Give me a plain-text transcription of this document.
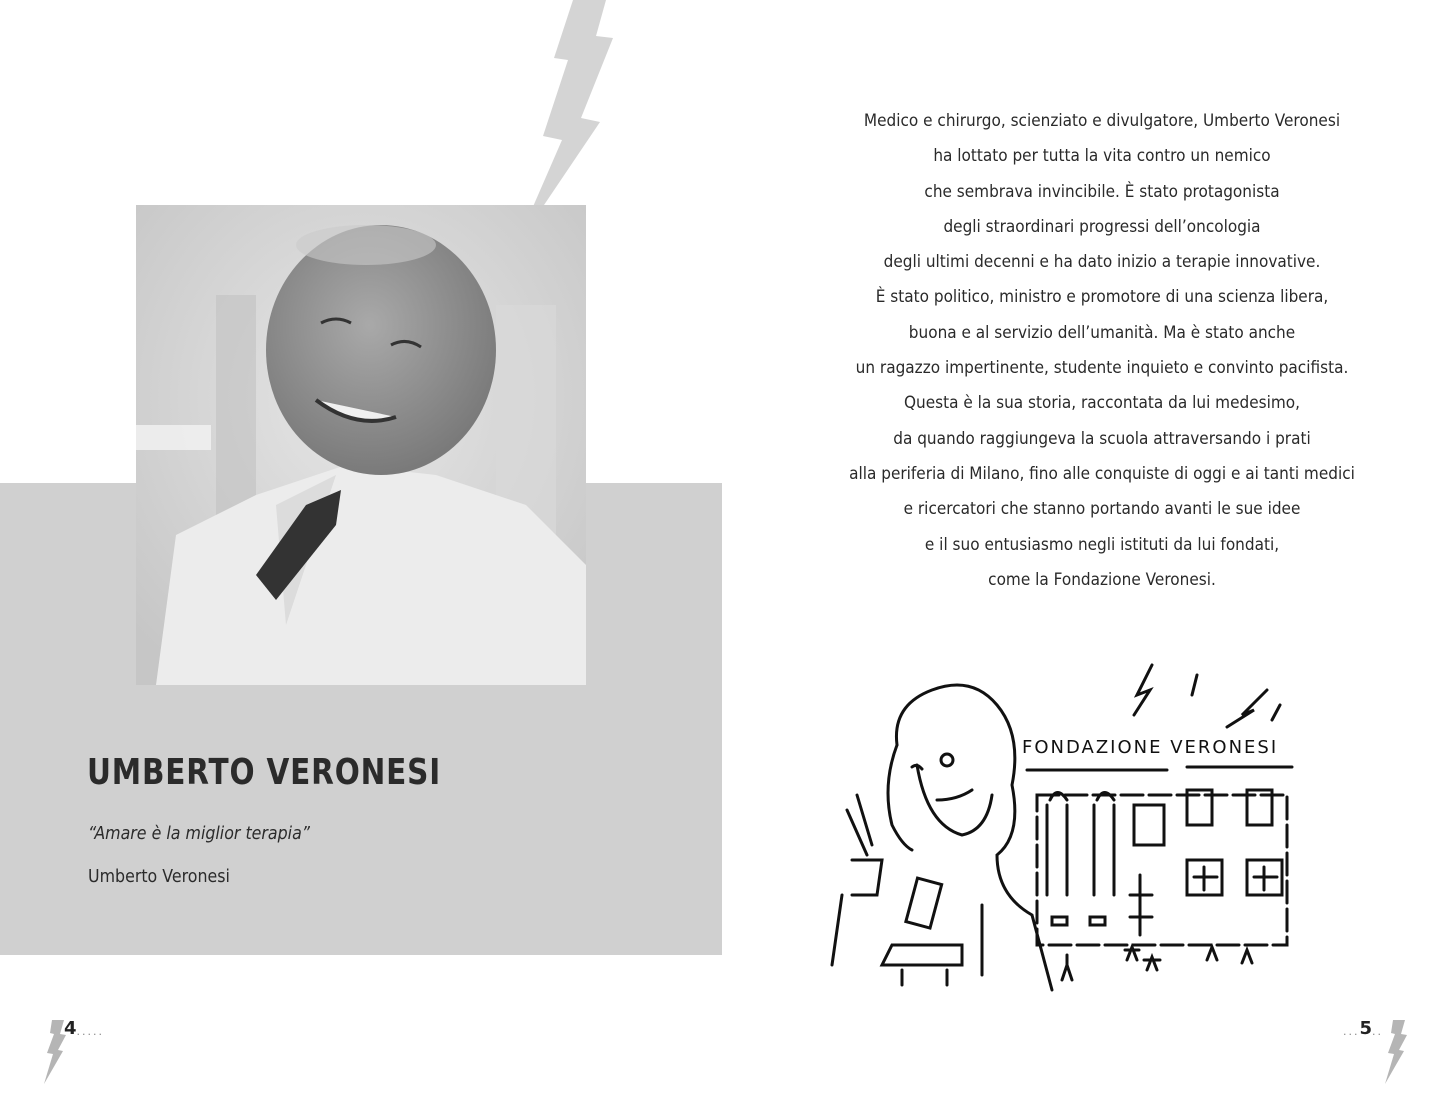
UMBERTO VERONESI
“Amare è la miglior terapia”
Umberto Veronesi
4 .....
Medico e chirurgo, scienziato e divulgatore, Umberto Veronesi
ha lottato per tutta la vita contro un nemico
che sembrava invincibile. È stato protagonista
degli straordinari progressi dell’oncologia
degli ultimi decenni e ha dato inizio a terapie innovative.
È stato politico, ministro e promotore di una scienza libera,
buona e al servizio dell’umanità. Ma è stato anche
un ragazzo impertinente, studente inquieto e convinto pacifista.
Questa è la sua storia, raccontata da lui medesimo,
da quando raggiungeva la scuola attraversando i prati
alla periferia di Milano, fino alle conquiste di oggi e ai tanti medici
e ricercatori che stanno portando avanti le sue idee
e il suo entusiasmo negli istituti da lui fondati,
come la Fondazione Veronesi.
FONDAZIONE VERONESI
... 5 ..
